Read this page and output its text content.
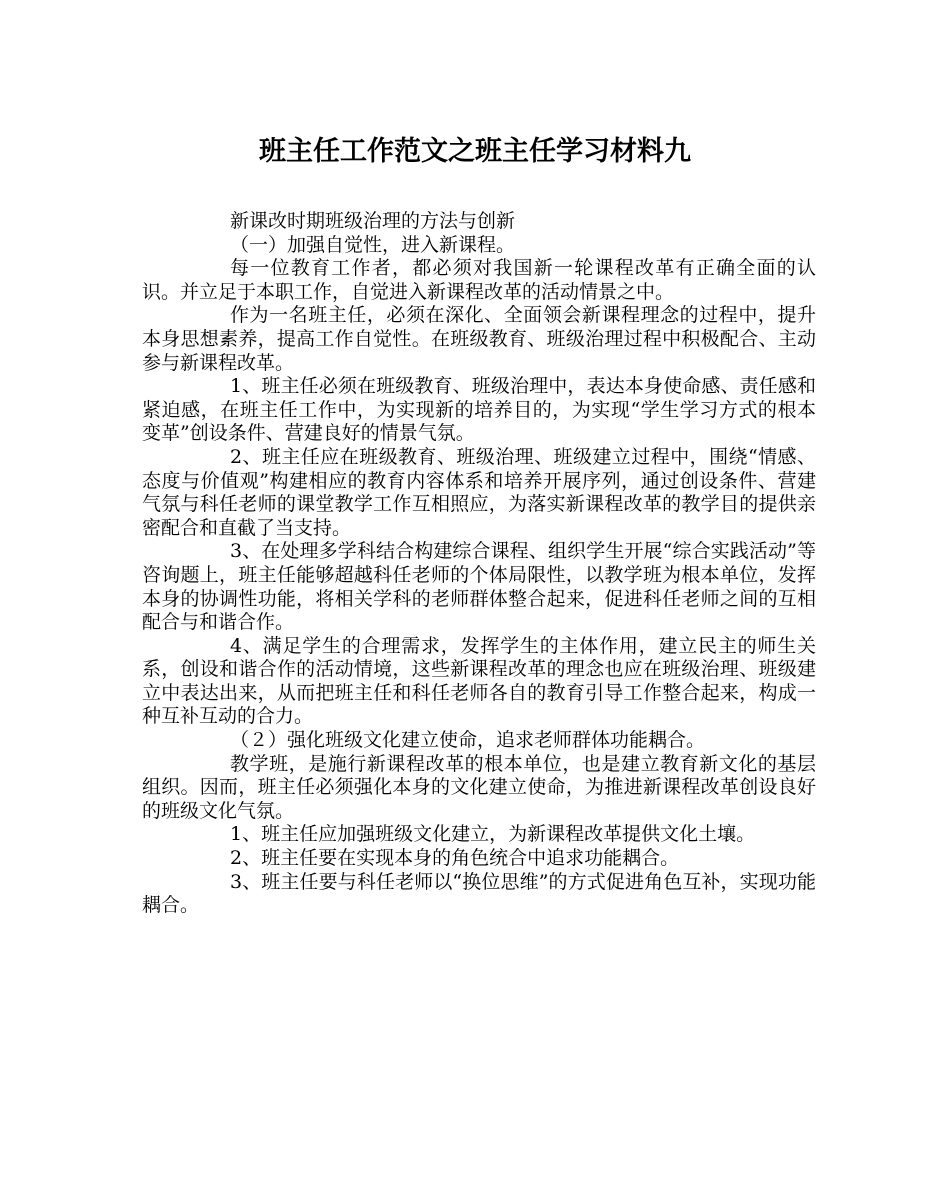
班主任工作范文之班主任学习材料九

新课改时期班级治理的方法与创新

（一）加强自觉性，进入新课程。

每一位教育工作者，都必须对我国新一轮课程改革有正确全面的认识。并立足于本职工作，自觉进入新课程改革的活动情景之中。

作为一名班主任，必须在深化、全面领会新课程理念的过程中，提升本身思想素养，提高工作自觉性。在班级教育、班级治理过程中积极配合、主动参与新课程改革。

1、班主任必须在班级教育、班级治理中，表达本身使命感、责任感和紧迫感，在班主任工作中，为实现新的培养目的，为实现“学生学习方式的根本变革”创设条件、营建良好的情景气氛。

2、班主任应在班级教育、班级治理、班级建立过程中，围绕“情感、态度与价值观”构建相应的教育内容体系和培养开展序列，通过创设条件、营建气氛与科任老师的课堂教学工作互相照应，为落实新课程改革的教学目的提供亲密配合和直截了当支持。

3、在处理多学科结合构建综合课程、组织学生开展“综合实践活动”等咨询题上，班主任能够超越科任老师的个体局限性，以教学班为根本单位，发挥本身的协调性功能，将相关学科的老师群体整合起来，促进科任老师之间的互相配合与和谐合作。

4、满足学生的合理需求，发挥学生的主体作用，建立民主的师生关系，创设和谐合作的活动情境，这些新课程改革的理念也应在班级治理、班级建立中表达出来，从而把班主任和科任老师各自的教育引导工作整合起来，构成一种互补互动的合力。

（２）强化班级文化建立使命，追求老师群体功能耦合。

教学班，是施行新课程改革的根本单位，也是建立教育新文化的基层组织。因而，班主任必须强化本身的文化建立使命，为推进新课程改革创设良好的班级文化气氛。

1、班主任应加强班级文化建立，为新课程改革提供文化土壤。

2、班主任要在实现本身的角色统合中追求功能耦合。

3、班主任要与科任老师以“换位思维”的方式促进角色互补，实现功能耦合。
